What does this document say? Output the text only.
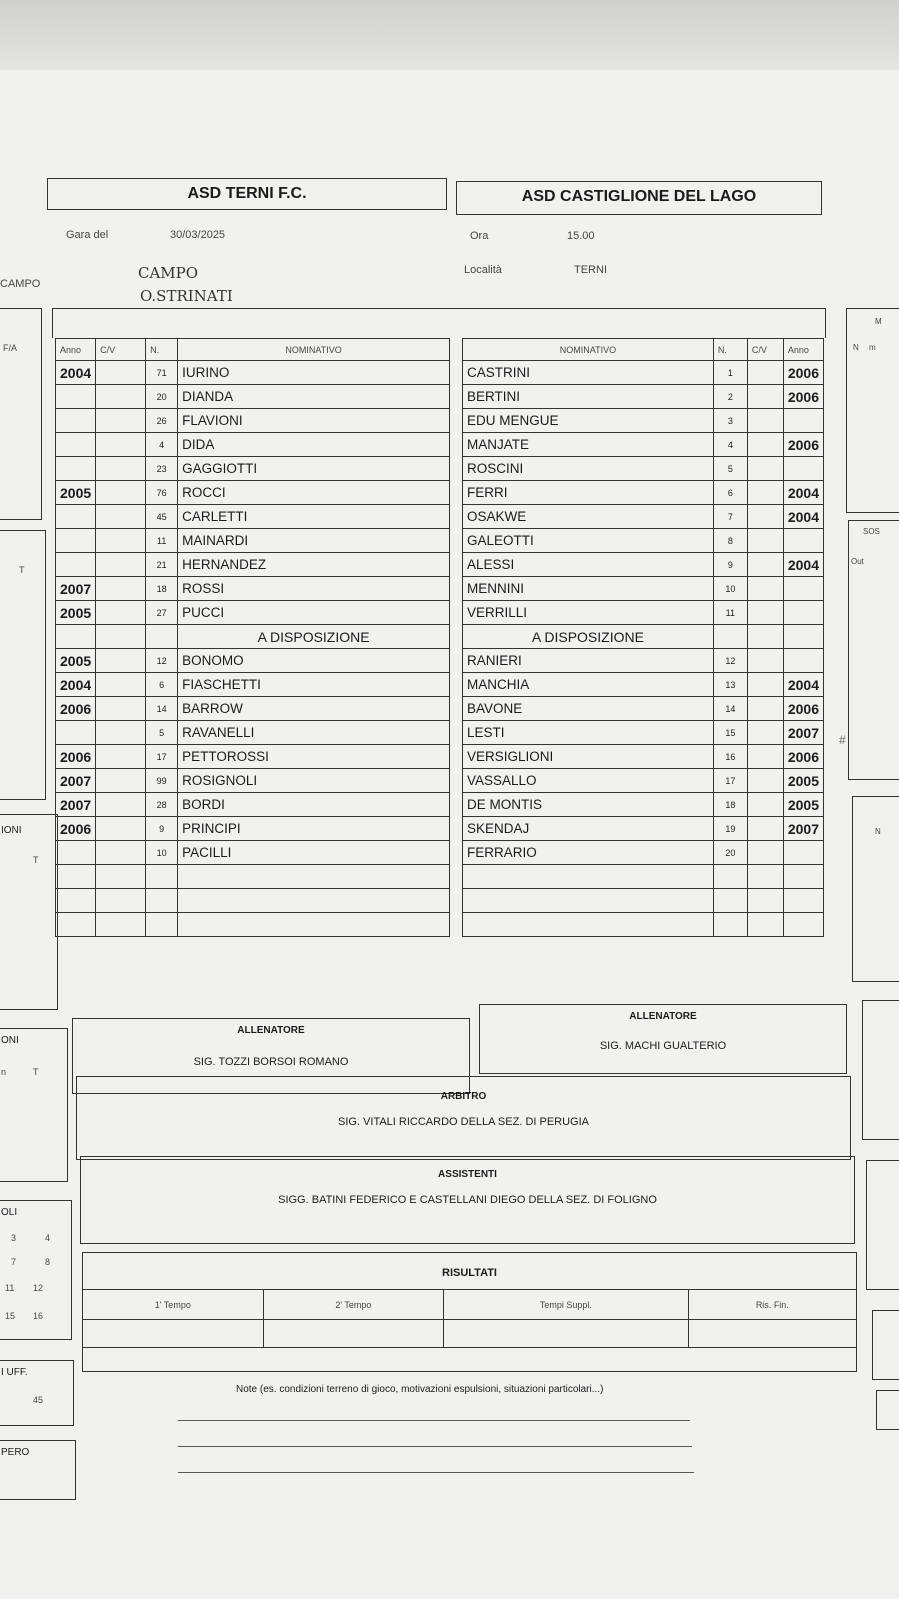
ASD TERNI F.C.	ASD CASTIGLIONE DEL LAGO
Gara del	30/03/2025	Ora	15.00
CAMPO
CAMPO
O.STRINATI
Località	TERNI
Anno	C/V	N.	NOMINATIVO
2004		71	IURINO
		20	DIANDA
		26	FLAVIONI
		4	DIDA
		23	GAGGIOTTI
2005		76	ROCCI
		45	CARLETTI
		11	MAINARDI
		21	HERNANDEZ
2007		18	ROSSI
2005		27	PUCCI
			A DISPOSIZIONE
2005		12	BONOMO
2004		6	FIASCHETTI
2006		14	BARROW
		5	RAVANELLI
2006		17	PETTOROSSI
2007		99	ROSIGNOLI
2007		28	BORDI
2006		9	PRINCIPI
		10	PACILLI

NOMINATIVO	N.	C/V	Anno
CASTRINI	1		2006
BERTINI	2		2006
EDU MENGUE	3		
MANJATE	4		2006
ROSCINI	5		
FERRI	6		2004
OSAKWE	7		2004
GALEOTTI	8		
ALESSI	9		2004
MENNINI	10		
VERRILLI	11		
A DISPOSIZIONE			
RANIERI	12		
MANCHIA	13		2004
BAVONE	14		2006
LESTI	15		2007
VERSIGLIONI	16		2006
VASSALLO	17		2005
DE MONTIS	18		2005
SKENDAJ	19		2007
FERRARIO	20		

ALLENATORE
SIG. TOZZI BORSOI ROMANO
ALLENATORE
SIG. MACHI GUALTERIO
ARBITRO
SIG. VITALI RICCARDO DELLA SEZ. DI PERUGIA
ASSISTENTI
SIGG. BATINI FEDERICO E CASTELLANI DIEGO DELLA SEZ. DI FOLIGNO
RISULTATI
1' Tempo	2' Tempo	Tempi Suppl.	Ris. Fin.

Note (es. condizioni terreno di gioco, motivazioni espulsioni, situazioni particolari...)
F/A
T
IONI
T
ONI
n	T
OLI
3	4
7	8
11 12
15 16
I UFF.
45
PERO
M
N m
SOS
Out
#
N
